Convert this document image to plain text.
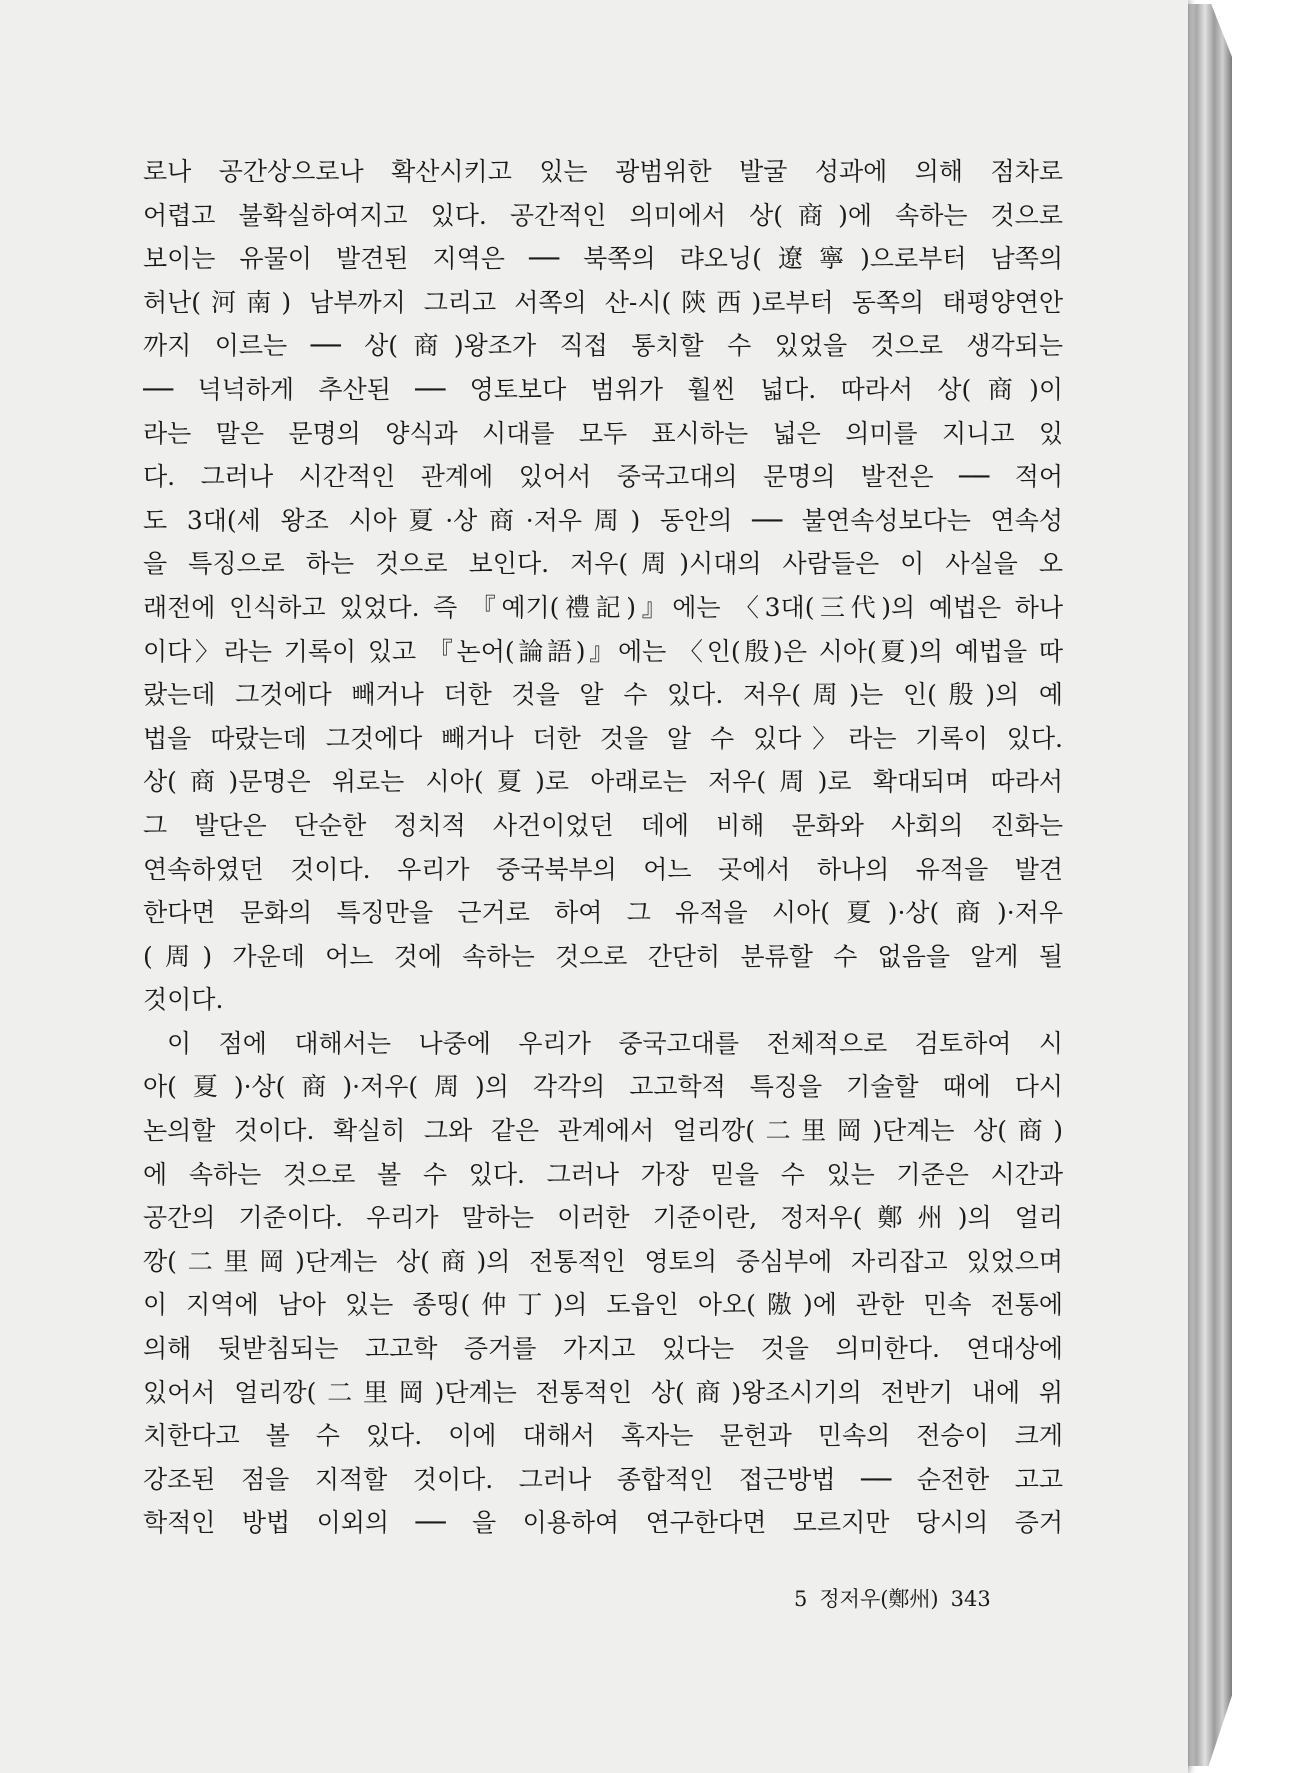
로나 공간상으로나 확산시키고 있는 광범위한 발굴 성과에 의해 점차로
어렵고 불확실하여지고 있다. 공간적인 의미에서 상(商)에 속하는 것으로
보이는 유물이 발견된 지역은 ── 북쪽의 랴오닝(遼寧)으로부터 남쪽의
허난(河南) 남부까지 그리고 서쪽의 산-시(陝西)로부터 동쪽의 태평양연안
까지 이르는 ── 상(商)왕조가 직접 통치할 수 있었을 것으로 생각되는
── 넉넉하게 추산된 ── 영토보다 범위가 훨씬 넓다. 따라서 상(商)이
라는 말은 문명의 양식과 시대를 모두 표시하는 넓은 의미를 지니고 있
다. 그러나 시간적인 관계에 있어서 중국고대의 문명의 발전은 ── 적어
도 3대(세 왕조 시아夏·상商·저우周) 동안의 ── 불연속성보다는 연속성
을 특징으로 하는 것으로 보인다. 저우(周)시대의 사람들은 이 사실을 오
래전에 인식하고 있었다. 즉 『예기(禮記)』에는 〈3대(三代)의 예법은 하나
이다〉라는 기록이 있고 『논어(論語)』에는 〈인(殷)은 시아(夏)의 예법을 따
랐는데 그것에다 빼거나 더한 것을 알 수 있다. 저우(周)는 인(殷)의 예
법을 따랐는데 그것에다 빼거나 더한 것을 알 수 있다〉라는 기록이 있다.
상(商)문명은 위로는 시아(夏)로 아래로는 저우(周)로 확대되며 따라서
그 발단은 단순한 정치적 사건이었던 데에 비해 문화와 사회의 진화는
연속하였던 것이다. 우리가 중국북부의 어느 곳에서 하나의 유적을 발견
한다면 문화의 특징만을 근거로 하여 그 유적을 시아(夏)·상(商)·저우
(周) 가운데 어느 것에 속하는 것으로 간단히 분류할 수 없음을 알게 될
것이다.
이 점에 대해서는 나중에 우리가 중국고대를 전체적으로 검토하여 시
아(夏)·상(商)·저우(周)의 각각의 고고학적 특징을 기술할 때에 다시
논의할 것이다. 확실히 그와 같은 관계에서 얼리깡(二里岡)단계는 상(商)
에 속하는 것으로 볼 수 있다. 그러나 가장 믿을 수 있는 기준은 시간과
공간의 기준이다. 우리가 말하는 이러한 기준이란, 정저우(鄭州)의 얼리
깡(二里岡)단계는 상(商)의 전통적인 영토의 중심부에 자리잡고 있었으며
이 지역에 남아 있는 종띵(仲丁)의 도읍인 아오(隞)에 관한 민속 전통에
의해 뒷받침되는 고고학 증거를 가지고 있다는 것을 의미한다. 연대상에
있어서 얼리깡(二里岡)단계는 전통적인 상(商)왕조시기의 전반기 내에 위
치한다고 볼 수 있다. 이에 대해서 혹자는 문헌과 민속의 전승이 크게
강조된 점을 지적할 것이다. 그러나 종합적인 접근방법 ── 순전한 고고
학적인 방법 이외의 ── 을 이용하여 연구한다면 모르지만 당시의 증거
5 정저우(鄭州) 343
